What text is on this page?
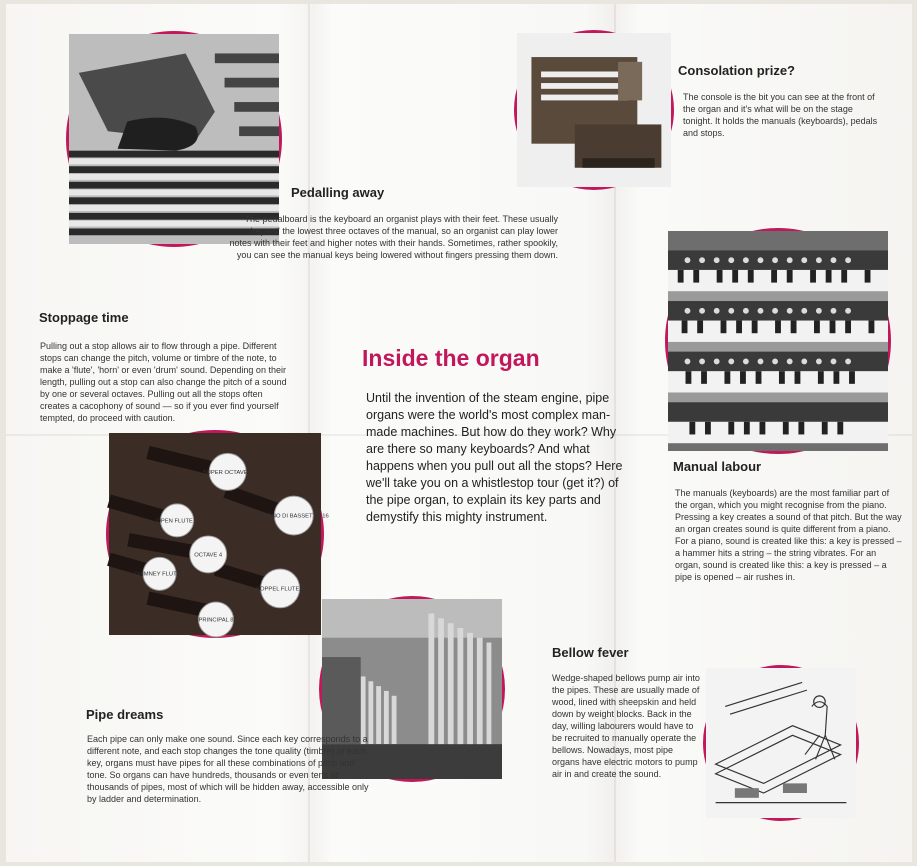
SUPER OCTAVE 2
OPEN FLUTE 4
CORNO DI BASSETTO 16
OCTAVE 4
CHIMNEY FLUTE 8
KOPPEL FLUTE 4
PRINCIPAL 8
Pedalling away

The pedalboard is the keyboard an organist plays with their feet. These usually 'repeat' the lowest three octaves of the manual, so an organist can play lower notes with their feet and higher notes with their hands. Sometimes, rather spookily, you can see the manual keys being lowered without fingers pressing them down.

Consolation prize?

The console is the bit you can see at the front of the organ and it's what will be on the stage tonight. It holds the manuals (keyboards), pedals and stops.

Stoppage time

Pulling out a stop allows air to flow through a pipe. Different stops can change the pitch, volume or timbre of the note, to make a 'flute', 'horn' or even 'drum' sound. Depending on their length, pulling out a stop can also change the pitch of a sound by one or several octaves. Pulling out all the stops often creates a cacophony of sound — so if you ever find yourself tempted, do proceed with caution.

Inside the organ

Until the invention of the steam engine, pipe organs were the world's most complex man-made machines. But how do they work? Why are there so many keyboards? And what happens when you pull out all the stops? Here we'll take you on a whistlestop tour (get it?) of the pipe organ, to explain its key parts and demystify this mighty instrument.

Manual labour

The manuals (keyboards) are the most familiar part of the organ, which you might recognise from the piano. Pressing a key creates a sound of that pitch. But the way an organ creates sound is quite different from a piano. For a piano, sound is created like this: a key is pressed – a hammer hits a string – the string vibrates. For an organ, sound is created like this: a key is pressed – a pipe is opened – air rushes in.

Bellow fever

Wedge-shaped bellows pump air into the pipes. These are usually made of wood, lined with sheepskin and held down by weight blocks. Back in the day, willing labourers would have to be recruited to manually operate the bellows. Nowadays, most pipe organs have electric motors to pump air in and create the sound.

Pipe dreams

Each pipe can only make one sound. Since each key corresponds to a different note, and each stop changes the tone quality (timbre) of each key, organs must have pipes for all these combinations of pitch and tone. So organs can have hundreds, thousands or even tens of thousands of pipes, most of which will be hidden away, accessible only by ladder and determination.
